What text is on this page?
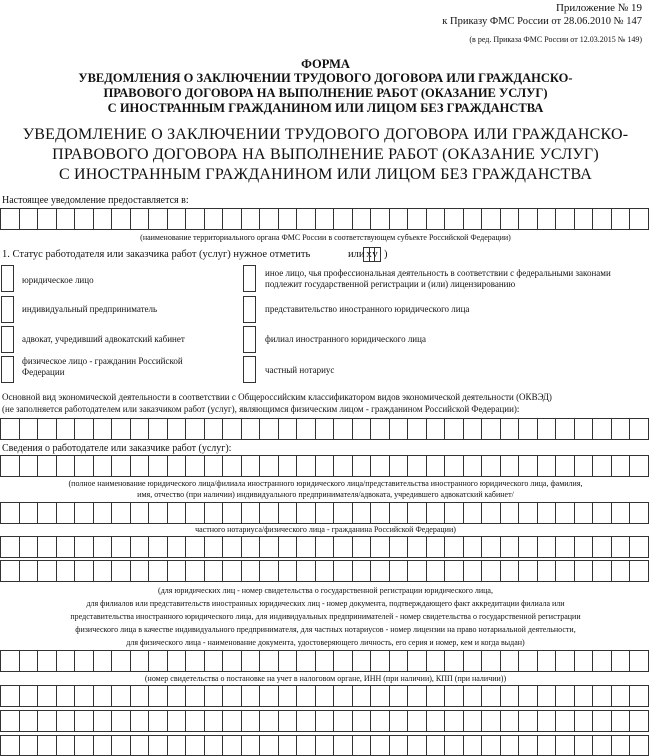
Приложение № 19
к Приказу ФМС России от 28.06.2010 № 147
(в ред. Приказа ФМС России от 12.03.2015 № 149)
ФОРМА
УВЕДОМЛЕНИЯ О ЗАКЛЮЧЕНИИ ТРУДОВОГО ДОГОВОРА ИЛИ ГРАЖДАНСКО-
ПРАВОВОГО ДОГОВОРА НА ВЫПОЛНЕНИЕ РАБОТ (ОКАЗАНИЕ УСЛУГ)
С ИНОСТРАННЫМ ГРАЖДАНИНОМ ИЛИ ЛИЦОМ БЕЗ ГРАЖДАНСТВА
УВЕДОМЛЕНИЕ О ЗАКЛЮЧЕНИИ ТРУДОВОГО ДОГОВОРА ИЛИ ГРАЖДАНСКО-
ПРАВОВОГО ДОГОВОРА НА ВЫПОЛНЕНИЕ РАБОТ (ОКАЗАНИЕ УСЛУГ)
С ИНОСТРАННЫМ ГРАЖДАНИНОМ ИЛИ ЛИЦОМ БЕЗ ГРАЖДАНСТВА
Настоящее уведомление предоставляется в:
(наименование территориального органа ФМС России в соответствующем субъекте Российской Федерации)
1. Статус работодателя или заказчика работ (услуг) нужное отметить	x
или v )
юридическое лицо
индивидуальный предприниматель
адвокат, учредивший адвокатский кабинет
физическое лицо - гражданин Российской Федерации
иное лицо, чья профессиональная деятельность в соответствии с федеральными законами подлежит государственной регистрации и (или) лицензированию
представительство иностранного юридического лица
филиал иностранного юридического лица
частный нотариус
Основной вид экономической деятельности в соответствии с Общероссийским классификатором видов экономической деятельности (ОКВЭД)
(не заполняется работодателем или заказчиком работ (услуг), являющимся физическим лицом - гражданином Российской Федерации):
Сведения о работодателе или заказчике работ (услуг):
(полное наименование юридического лица/филиала иностранного юридического лица/представительства иностранного юридического лица, фамилия,
имя, отчество (при наличии) индивидуального предпринимателя/адвоката, учредившего адвокатский кабинет/
частного нотариуса/физического лица - гражданина Российской Федерации)
(для юридических лиц - номер свидетельства о государственной регистрации юридического лица,
для филиалов или представительств иностранных юридических лиц - номер документа, подтверждающего факт аккредитации филиала или
представительства иностранного юридического лица, для индивидуальных предпринимателей - номер свидетельства о государственной регистрации
физического лица в качестве индивидуального предпринимателя, для частных нотариусов - номер лицензии на право нотариальной деятельности,
для физического лица - наименование документа, удостоверяющего личность, его серия и номер, кем и когда выдан)
(номер свидетельства о постановке на учет в налоговом органе, ИНН (при наличии), КПП (при наличии))
